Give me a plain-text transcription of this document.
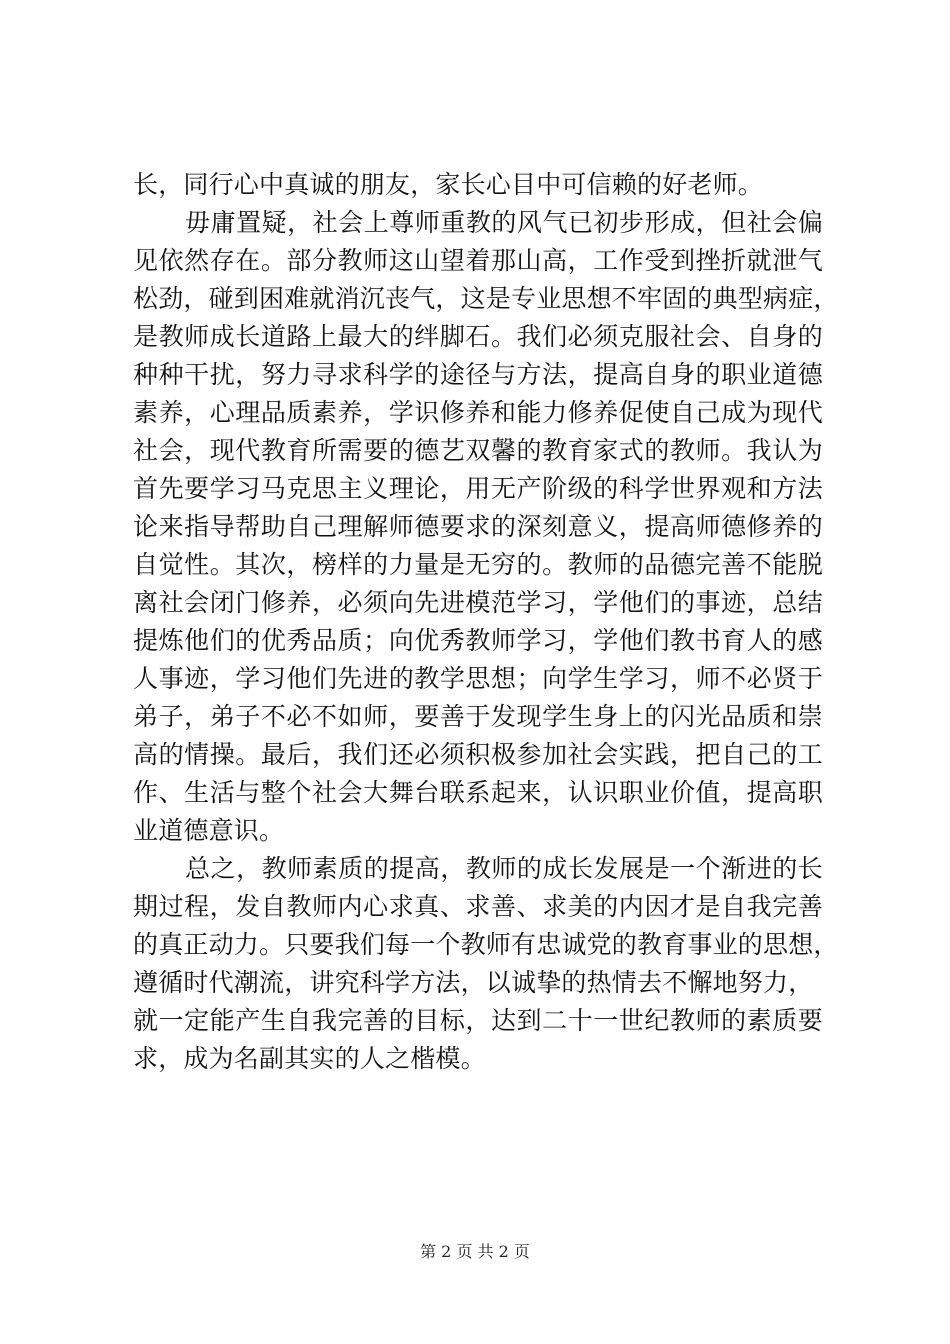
长，同行心中真诚的朋友，家长心目中可信赖的好老师。
毋庸置疑，社会上尊师重教的风气已初步形成，但社会偏
见依然存在。部分教师这山望着那山高，工作受到挫折就泄气
松劲，碰到困难就消沉丧气，这是专业思想不牢固的典型病症，
是教师成长道路上最大的绊脚石。我们必须克服社会、自身的
种种干扰，努力寻求科学的途径与方法，提高自身的职业道德
素养，心理品质素养，学识修养和能力修养促使自己成为现代
社会，现代教育所需要的德艺双馨的教育家式的教师。我认为
首先要学习马克思主义理论，用无产阶级的科学世界观和方法
论来指导帮助自己理解师德要求的深刻意义，提高师德修养的
自觉性。其次，榜样的力量是无穷的。教师的品德完善不能脱
离社会闭门修养，必须向先进模范学习，学他们的事迹，总结
提炼他们的优秀品质；向优秀教师学习，学他们教书育人的感
人事迹，学习他们先进的教学思想；向学生学习，师不必贤于
弟子，弟子不必不如师，要善于发现学生身上的闪光品质和崇
高的情操。最后，我们还必须积极参加社会实践，把自己的工
作、生活与整个社会大舞台联系起来，认识职业价值，提高职
业道德意识。
总之，教师素质的提高，教师的成长发展是一个渐进的长
期过程，发自教师内心求真、求善、求美的内因才是自我完善
的真正动力。只要我们每一个教师有忠诚党的教育事业的思想，
遵循时代潮流，讲究科学方法，以诚挚的热情去不懈地努力，
就一定能产生自我完善的目标，达到二十一世纪教师的素质要
求，成为名副其实的人之楷模。
第 2 页 共 2 页
